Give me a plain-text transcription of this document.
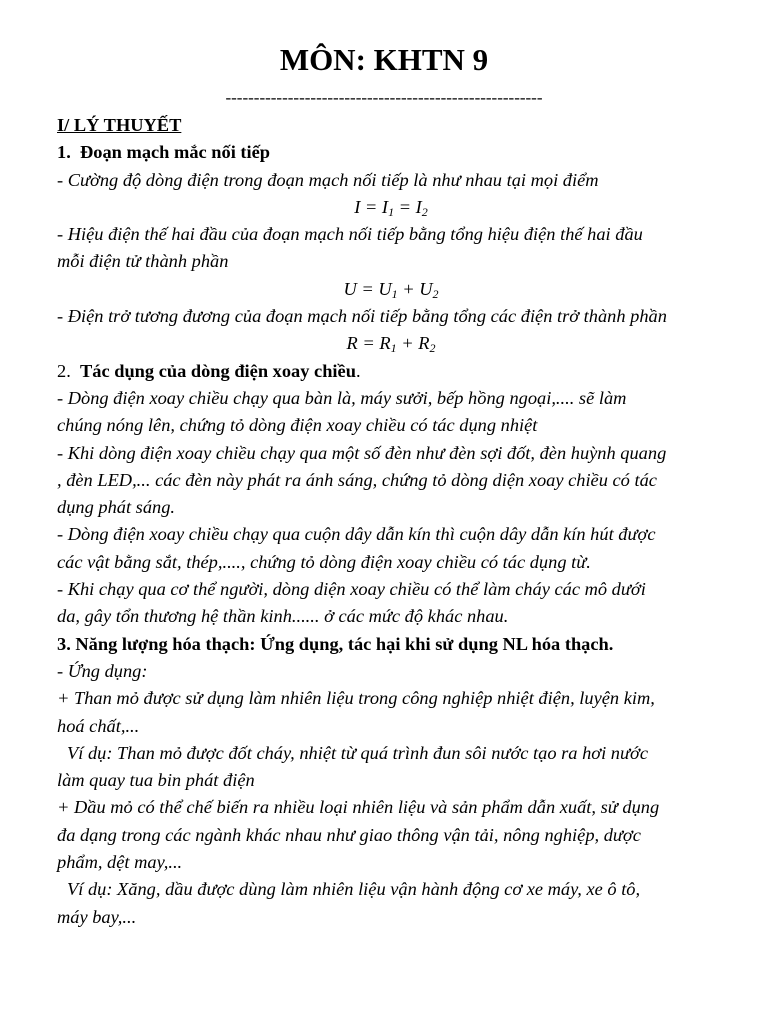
MÔN: KHTN 9
--------------------------------------------------------

I/ LÝ THUYẾT

1. Đoạn mạch mắc nối tiếp

- Cường độ dòng điện trong đoạn mạch nối tiếp là như nhau tại mọi điểm

$I = I_1 = I_2$

- Hiệu điện thế hai đầu của đoạn mạch nối tiếp bằng tổng hiệu điện thế hai đầu

mỗi điện tử thành phần

$U = U_1 + U_2$

- Điện trở tương đương của đoạn mạch nối tiếp bằng tổng các điện trở thành phần

$R = R_1 + R_2$

2. Tác dụng của dòng điện xoay chiều.

- Dòng điện xoay chiều chạy qua bàn là, máy sưởi, bếp hồng ngoại,.... sẽ làm

chúng nóng lên, chứng tỏ dòng điện xoay chiều có tác dụng nhiệt

- Khi dòng điện xoay chiều chạy qua một số đèn như đèn sợi đốt, đèn huỳnh quang

, đèn LED,... các đèn này phát ra ánh sáng, chứng tỏ dòng diện xoay chiều có tác

dụng phát sáng.

- Dòng điện xoay chiều chạy qua cuộn dây dẫn kín thì cuộn dây dẫn kín hút được

các vật bằng sắt, thép,...., chứng tỏ dòng điện xoay chiều có tác dụng từ.

- Khi chạy qua cơ thể người, dòng diện xoay chiều có thể làm cháy các mô dưới

da, gây tổn thương hệ thần kinh...... ở các mức độ khác nhau.

3. Năng lượng hóa thạch: Ứng dụng, tác hại khi sử dụng NL hóa thạch.

- Ứng dụng:

+ Than mỏ được sử dụng làm nhiên liệu trong công nghiệp nhiệt điện, luyện kim,

hoá chất,...

Ví dụ: Than mỏ được đốt cháy, nhiệt từ quá trình đun sôi nước tạo ra hơi nước

làm quay tua bin phát điện

+ Dầu mỏ có thể chế biến ra nhiều loại nhiên liệu và sản phẩm dẫn xuất, sử dụng

đa dạng trong các ngành khác nhau như giao thông vận tải, nông nghiệp, dược

phẩm, dệt may,...

Ví dụ: Xăng, dầu được dùng làm nhiên liệu vận hành động cơ xe máy, xe ô tô,

máy bay,...
